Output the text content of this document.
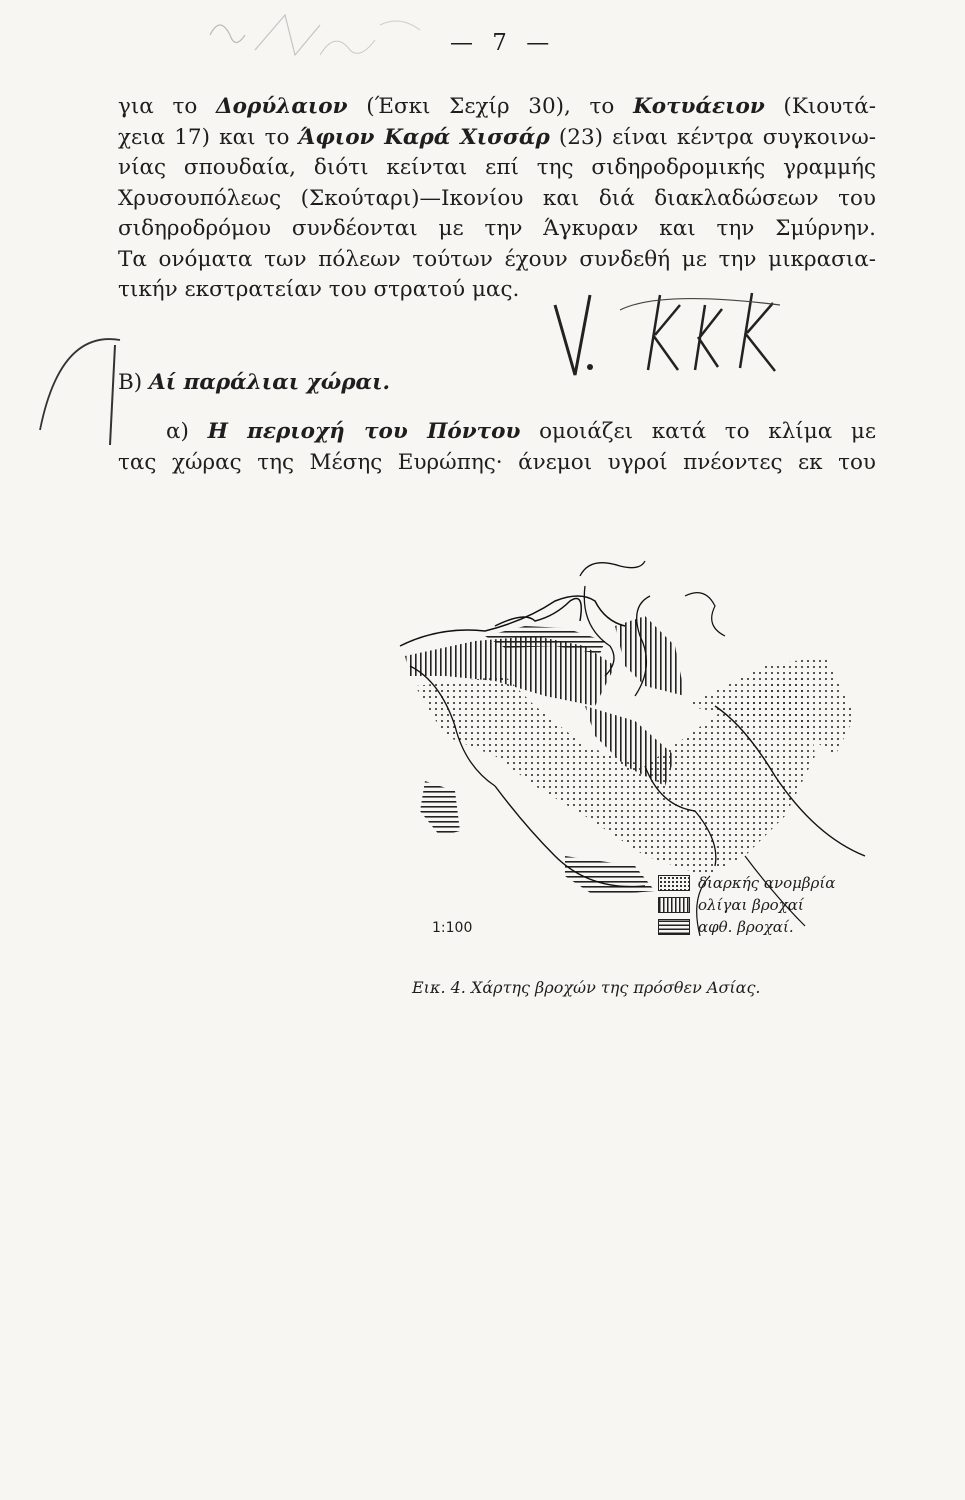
— 7 —
για το Δορύλαιον (Έσκι Σεχίρ 30), το Κοτυάειον (Κιουτά-
χεια 17) και το Άφιον Καρά Χισσάρ (23) είναι κέντρα συγκοινω-
νίας σπουδαία, διότι κείνται επί της σιδηροδρομικής γραμμής
Χρυσουπόλεως (Σκούταρι)—Ικονίου και διά διακλαδώσεων του
σιδηροδρόμου συνδέονται με την Άγκυραν και την Σμύρνην.
Τα ονόματα των πόλεων τούτων έχουν συνδεθή με την μικρασια-
τικήν εκστρατείαν του στρατού μας.
Β) Αί παράλιαι χώραι.
α) Η περιοχή του Πόντου ομοιάζει κατά το κλίμα με
τας χώρας της Μέσης Ευρώπης· άνεμοι υγροί πνέοντες εκ του
1:100
διαρκής ανομβρία
ολίγαι βροχαί
αφθ. βροχαί.
Εικ. 4. Χάρτης βροχών της πρόσθεν Ασίας.
